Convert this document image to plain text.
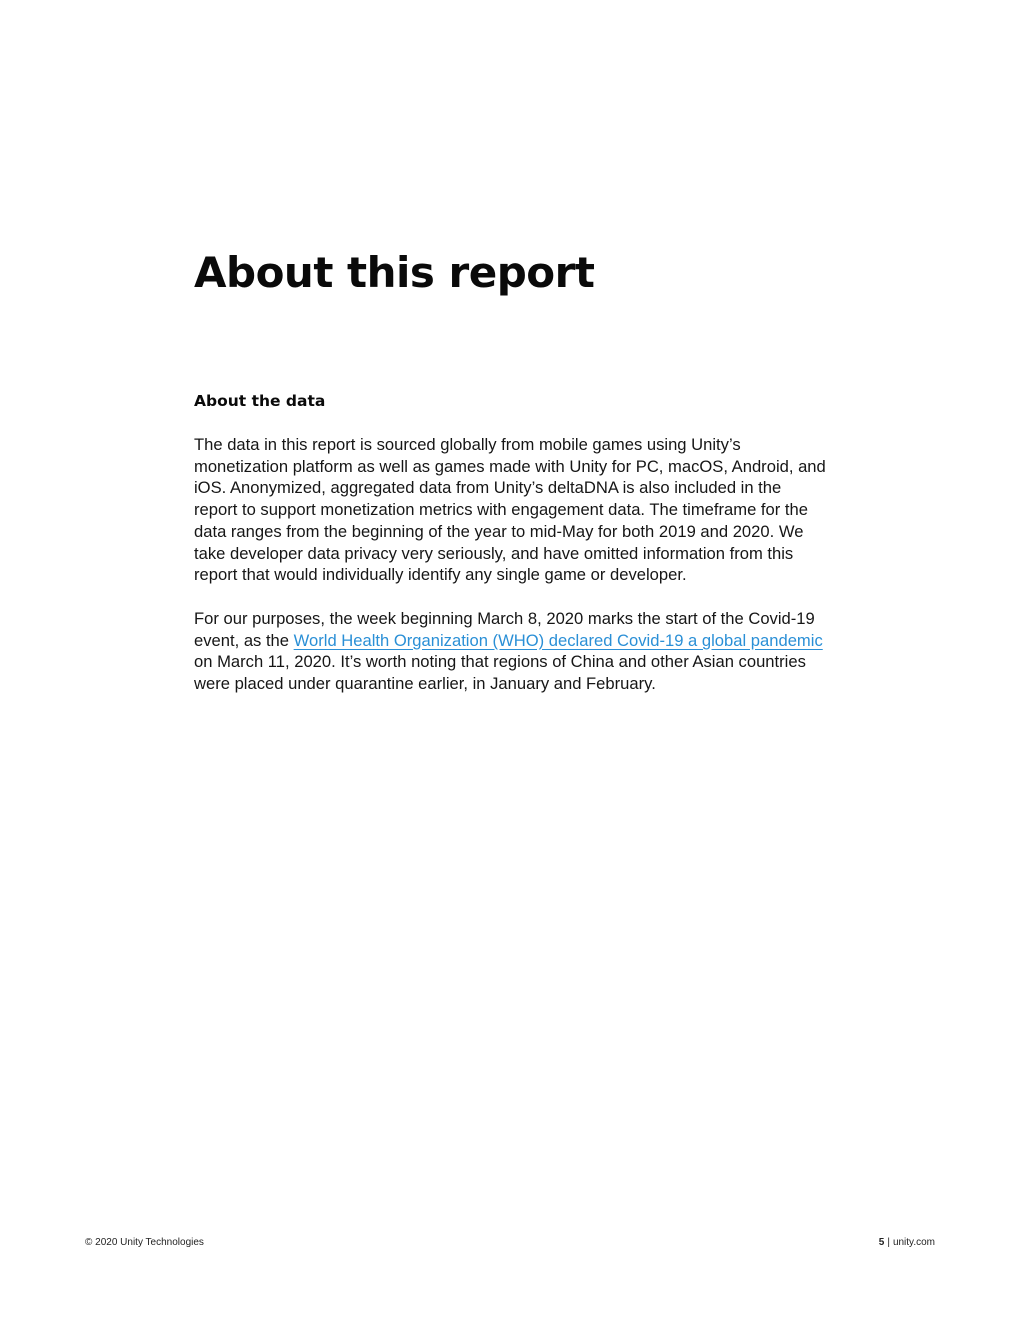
About this report
About the data

The data in this report is sourced globally from mobile games using Unity’s monetization platform as well as games made with Unity for PC, macOS, Android, and iOS. Anonymized, aggregated data from Unity’s deltaDNA is also included in the report to support monetization metrics with engagement data. The timeframe for the data ranges from the beginning of the year to mid-May for both 2019 and 2020. We take developer data privacy very seriously, and have omitted information from this report that would individually identify any single game or developer.

For our purposes, the week beginning March 8, 2020 marks the start of the Covid-19 event, as the World Health Organization (WHO) declared Covid-19 a global pandemic on March 11, 2020. It’s worth noting that regions of China and other Asian countries were placed under quarantine earlier, in January and February.

© 2020 Unity Technologies	5 | unity.com
